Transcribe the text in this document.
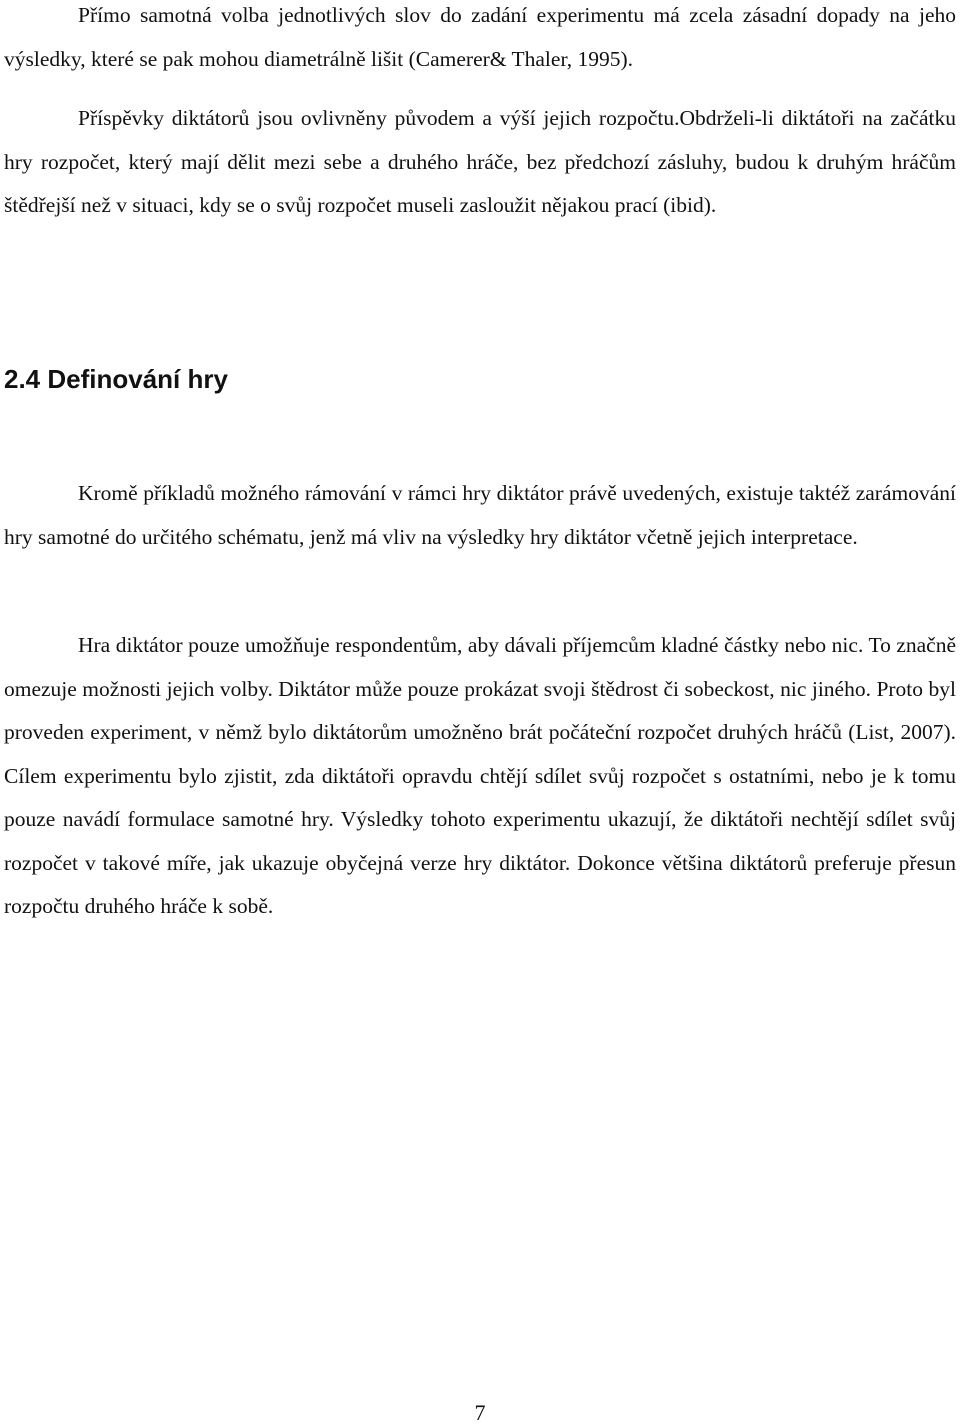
Přímo samotná volba jednotlivých slov do zadání experimentu má zcela zásadní dopady na jeho výsledky, které se pak mohou diametrálně lišit (Camerer& Thaler, 1995).

Příspěvky diktátorů jsou ovlivněny původem a výší jejich rozpočtu.Obdrželi-li diktátoři na začátku hry rozpočet, který mají dělit mezi sebe a druhého hráče, bez předchozí zásluhy, budou k druhým hráčům štědřejší než v situaci, kdy se o svůj rozpočet museli zasloužit nějakou prací (ibid).

2.4 Definování hry

Kromě příkladů možného rámování v rámci hry diktátor právě uvedených, existuje taktéž zarámování hry samotné do určitého schématu, jenž má vliv na výsledky hry diktátor včetně jejich interpretace.

Hra diktátor pouze umožňuje respondentům, aby dávali příjemcům kladné částky nebo nic. To značně omezuje možnosti jejich volby. Diktátor může pouze prokázat svoji štědrost či sobeckost, nic jiného. Proto byl proveden experiment, v němž bylo diktátorům umožněno brát počáteční rozpočet druhých hráčů (List, 2007). Cílem experimentu bylo zjistit, zda diktátoři opravdu chtějí sdílet svůj rozpočet s ostatními, nebo je k tomu pouze navádí formulace samotné hry. Výsledky tohoto experimentu ukazují, že diktátoři nechtějí sdílet svůj rozpočet v takové míře, jak ukazuje obyčejná verze hry diktátor. Dokonce většina diktátorů preferuje přesun rozpočtu druhého hráče k sobě.

7
